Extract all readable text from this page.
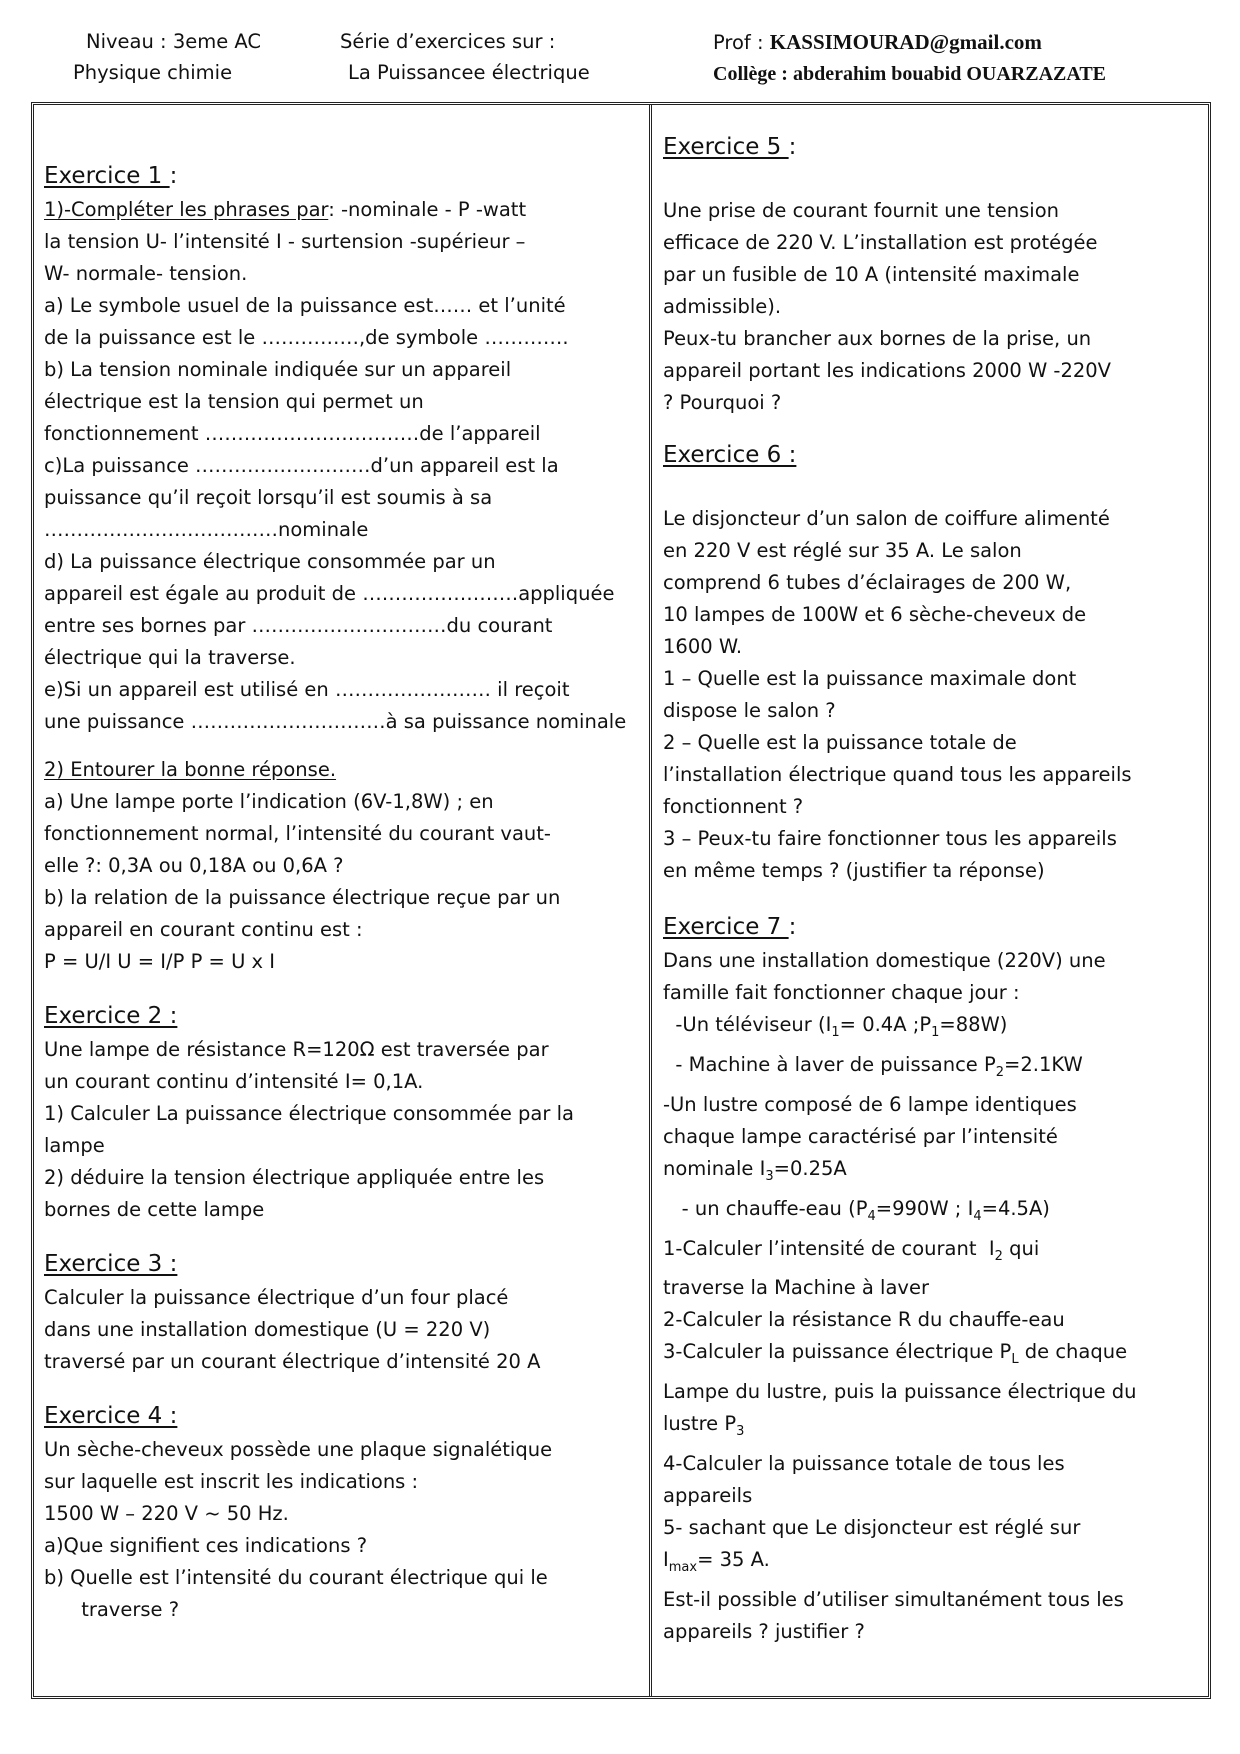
Niveau : 3eme AC
Physique chimie
Série d’exercices sur :
La Puissancee électrique
Prof : KASSIMOURAD@gmail.com
Collège : abderahim bouabid OUARZAZATE
Exercice 1 :
1)-Compléter les phrases par: -nominale - P -watt
la tension U- l’intensité I - surtension -supérieur –
W- normale- tension.
a) Le symbole usuel de la puissance est…… et l’unité
de la puissance est le ……………,de symbole ………….
b) La tension nominale indiquée sur un appareil
électrique est la tension qui permet un
fonctionnement ……………………………de l’appareil
c)La puissance ………………………d’un appareil est la
puissance qu’il reçoit lorsqu’il est soumis à sa
………………………………nominale
d) La puissance électrique consommée par un
appareil est égale au produit de ……………………appliquée
entre ses bornes par …………………………du courant
électrique qui la traverse.
e)Si un appareil est utilisé en …………………… il reçoit
une puissance …………………………à sa puissance nominale
2) Entourer la bonne réponse.
a) Une lampe porte l’indication (6V-1,8W) ; en
fonctionnement normal, l’intensité du courant vaut-
elle ?: 0,3A ou 0,18A ou 0,6A ?
b) la relation de la puissance électrique reçue par un
appareil en courant continu est :
P = U/I U = I/P P = U x I
Exercice 2 :
Une lampe de résistance R=120Ω est traversée par
un courant continu d’intensité I= 0,1A.
1) Calculer La puissance électrique consommée par la
lampe
2) déduire la tension électrique appliquée entre les
bornes de cette lampe
Exercice 3 :
Calculer la puissance électrique d’un four placé
dans une installation domestique (U = 220 V)
traversé par un courant électrique d’intensité 20 A
Exercice 4 :
Un sèche-cheveux possède une plaque signalétique
sur laquelle est inscrit les indications :
1500 W – 220 V ~ 50 Hz.
a)Que signifient ces indications ?
b) Quelle est l’intensité du courant électrique qui le
traverse ?
Exercice 5 :
Une prise de courant fournit une tension
efficace de 220 V. L’installation est protégée
par un fusible de 10 A (intensité maximale
admissible).
Peux-tu brancher aux bornes de la prise, un
appareil portant les indications 2000 W -220V
? Pourquoi ?
Exercice 6 :
Le disjoncteur d’un salon de coiffure alimenté
en 220 V est réglé sur 35 A. Le salon
comprend 6 tubes d’éclairages de 200 W,
10 lampes de 100W et 6 sèche-cheveux de
1600 W.
1 – Quelle est la puissance maximale dont
dispose le salon ?
2 – Quelle est la puissance totale de
l’installation électrique quand tous les appareils
fonctionnent ?
3 – Peux-tu faire fonctionner tous les appareils
en même temps ? (justifier ta réponse)
Exercice 7 :
Dans une installation domestique (220V) une
famille fait fonctionner chaque jour :
-Un téléviseur ($I_1= 0.4A$ $;P_1=88W$)
- Machine à laver de puissance $P_2=2.1KW$
-Un lustre composé de 6 lampe identiques
chaque lampe caractérisé par l’intensité
nominale $I_3=0.25A$
- un chauffe-eau ($P_4=990W$ ; $I_4=4.5A$)
1-Calculer l’intensité de courant  $I_2$ qui
traverse la Machine à laver
2-Calculer la résistance R du chauffe-eau
3-Calculer la puissance électrique $P_L$ de chaque
Lampe du lustre, puis la puissance électrique du
lustre $P_3$
4-Calculer la puissance totale de tous les
appareils
5- sachant que Le disjoncteur est réglé sur
$I_{max}= 35$ A.
Est-il possible d’utiliser simultanément tous les
appareils ? justifier ?
